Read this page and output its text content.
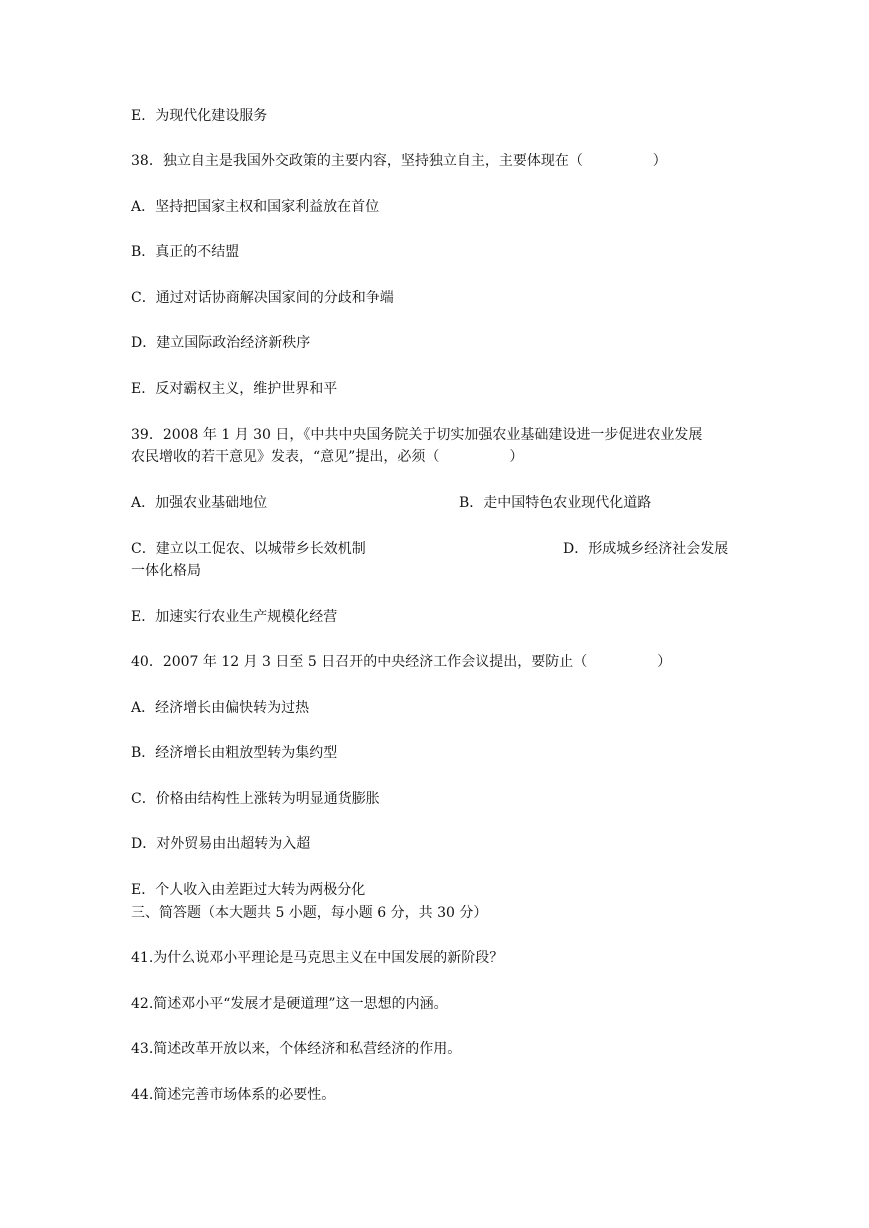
E．为现代化建设服务
38．独立自主是我国外交政策的主要内容，坚持独立自主，主要体现在（　　　　　）
A．坚持把国家主权和国家利益放在首位
B．真正的不结盟
C．通过对话协商解决国家间的分歧和争端
D．建立国际政治经济新秩序
E．反对霸权主义，维护世界和平
39．2008 年 1 月 30 日，《中共中央国务院关于切实加强农业基础建设进一步促进农业发展
农民增收的若干意见》发表，“意见”提出，必须（　　　　　）
A．加强农业基础地位	B．走中国特色农业现代化道路
C．建立以工促农、以城带乡长效机制	D．形成城乡经济社会发展
一体化格局
E．加速实行农业生产规模化经营
40．2007 年 12 月 3 日至 5 日召开的中央经济工作会议提出，要防止（　　　　　）
A．经济增长由偏快转为过热
B．经济增长由粗放型转为集约型
C．价格由结构性上涨转为明显通货膨胀
D．对外贸易由出超转为入超
E．个人收入由差距过大转为两极分化
三、简答题（本大题共 5 小题，每小题 6 分，共 30 分）
41.为什么说邓小平理论是马克思主义在中国发展的新阶段？
42.简述邓小平“发展才是硬道理”这一思想的内涵。
43.简述改革开放以来，个体经济和私营经济的作用。
44.简述完善市场体系的必要性。
